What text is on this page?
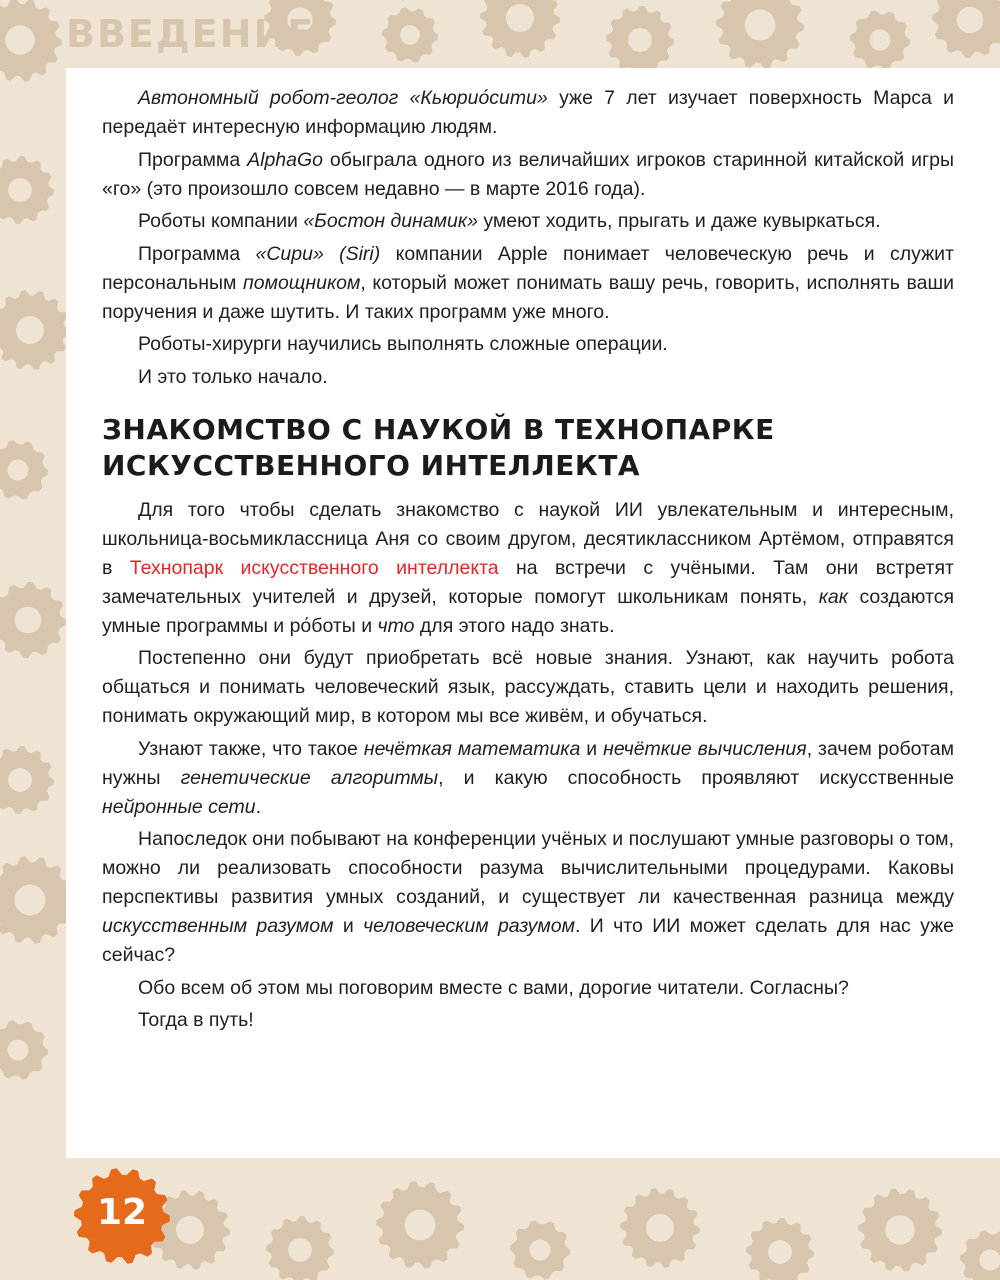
ВВЕДЕНИЕ

Автономный робот-геолог «Кьюрио́сити» уже 7 лет изучает поверхность Марса и передаёт интересную информацию людям.

Программа AlphaGo обыграла одного из величайших игроков старинной китайской игры «го» (это произошло совсем недавно — в марте 2016 года).

Роботы компании «Бостон динамик» умеют ходить, прыгать и даже кувыркаться.

Программа «Сири» (Siri) компании Apple понимает человеческую речь и служит персональным помощником, который может понимать вашу речь, говорить, исполнять ваши поручения и даже шутить. И таких программ уже много.

Роботы-хирурги научились выполнять сложные операции.

И это только начало.

ЗНАКОМСТВО С НАУКОЙ В ТЕХНОПАРКЕ
ИСКУССТВЕННОГО ИНТЕЛЛЕКТА

Для того чтобы сделать знакомство с наукой ИИ увлекательным и интересным, школьница-восьмиклассница Аня со своим другом, десятиклассником Артёмом, отправятся в Технопарк искусственного интеллекта на встречи с учёными. Там они встретят замечательных учителей и друзей, которые помогут школьникам понять, как создаются умные программы и ро́боты и что для этого надо знать.

Постепенно они будут приобретать всё новые знания. Узнают, как научить робота общаться и понимать человеческий язык, рассуждать, ставить цели и находить решения, понимать окружающий мир, в котором мы все живём, и обучаться.

Узнают также, что такое нечёткая математика и нечёткие вычисления, зачем роботам нужны генетические алгоритмы, и какую способность проявляют искусственные нейронные сети.

Напоследок они побывают на конференции учёных и послушают умные разговоры о том, можно ли реализовать способности разума вычислительными процедурами. Каковы перспективы развития умных созданий, и существует ли качественная разница между искусственным разумом и человеческим разумом. И что ИИ может сделать для нас уже сейчас?

Обо всем об этом мы поговорим вместе с вами, дорогие читатели. Согласны?

Тогда в путь!

12
